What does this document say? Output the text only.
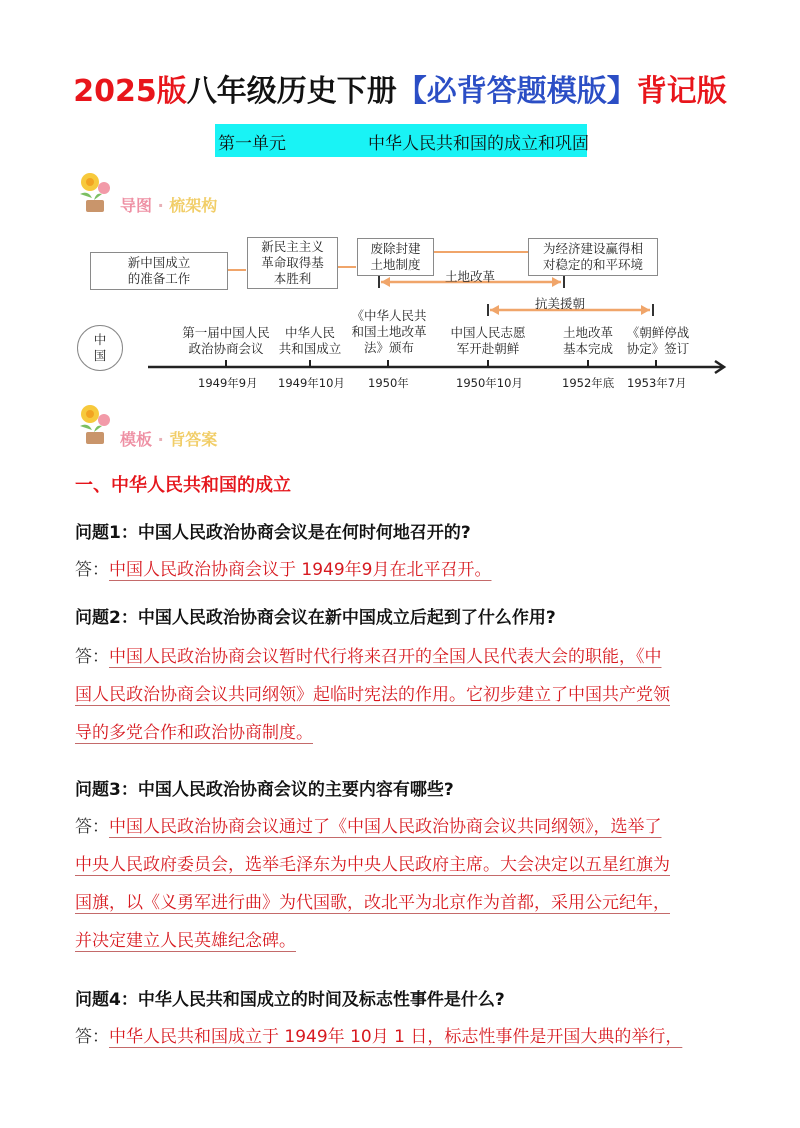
2025版八年级历史下册【必背答题模版】背记版
第一单元	中华人民共和国的成立和巩固
导图 · 梳架构
中
国
新中国成立
的准备工作
新民主主义
革命取得基
本胜利
废除封建
土地制度
为经济建设赢得相
对稳定的和平环境
土地改革
抗美援朝
第一届中国人民
政治协商会议
中华人民
共和国成立
《中华人民共
和国土地改革
法》颁布
中国人民志愿
军开赴朝鲜
土地改革
基本完成
《朝鲜停战
协定》签订
1949年9月 1949年10月 1950年	1950年10月	1952年底 1953年7月
模板 · 背答案
一、中华人民共和国的成立
问题1：中国人民政治协商会议是在何时何地召开的?
答：中国人民政治协商会议于 1949年9月在北平召开。
问题2：中国人民政治协商会议在新中国成立后起到了什么作用?
答：中国人民政治协商会议暂时代行将来召开的全国人民代表大会的职能，《中
国人民政治协商会议共同纲领》起临时宪法的作用。它初步建立了中国共产党领
导的多党合作和政治协商制度。
问题3：中国人民政治协商会议的主要内容有哪些?
答：中国人民政治协商会议通过了《中国人民政治协商会议共同纲领》，选举了
中央人民政府委员会，选举毛泽东为中央人民政府主席。大会决定以五星红旗为
国旗，以《义勇军进行曲》为代国歌，改北平为北京作为首都，采用公元纪年，
并决定建立人民英雄纪念碑。
问题4：中华人民共和国成立的时间及标志性事件是什么?
答：中华人民共和国成立于 1949年 10月 1 日，标志性事件是开国大典的举行，
